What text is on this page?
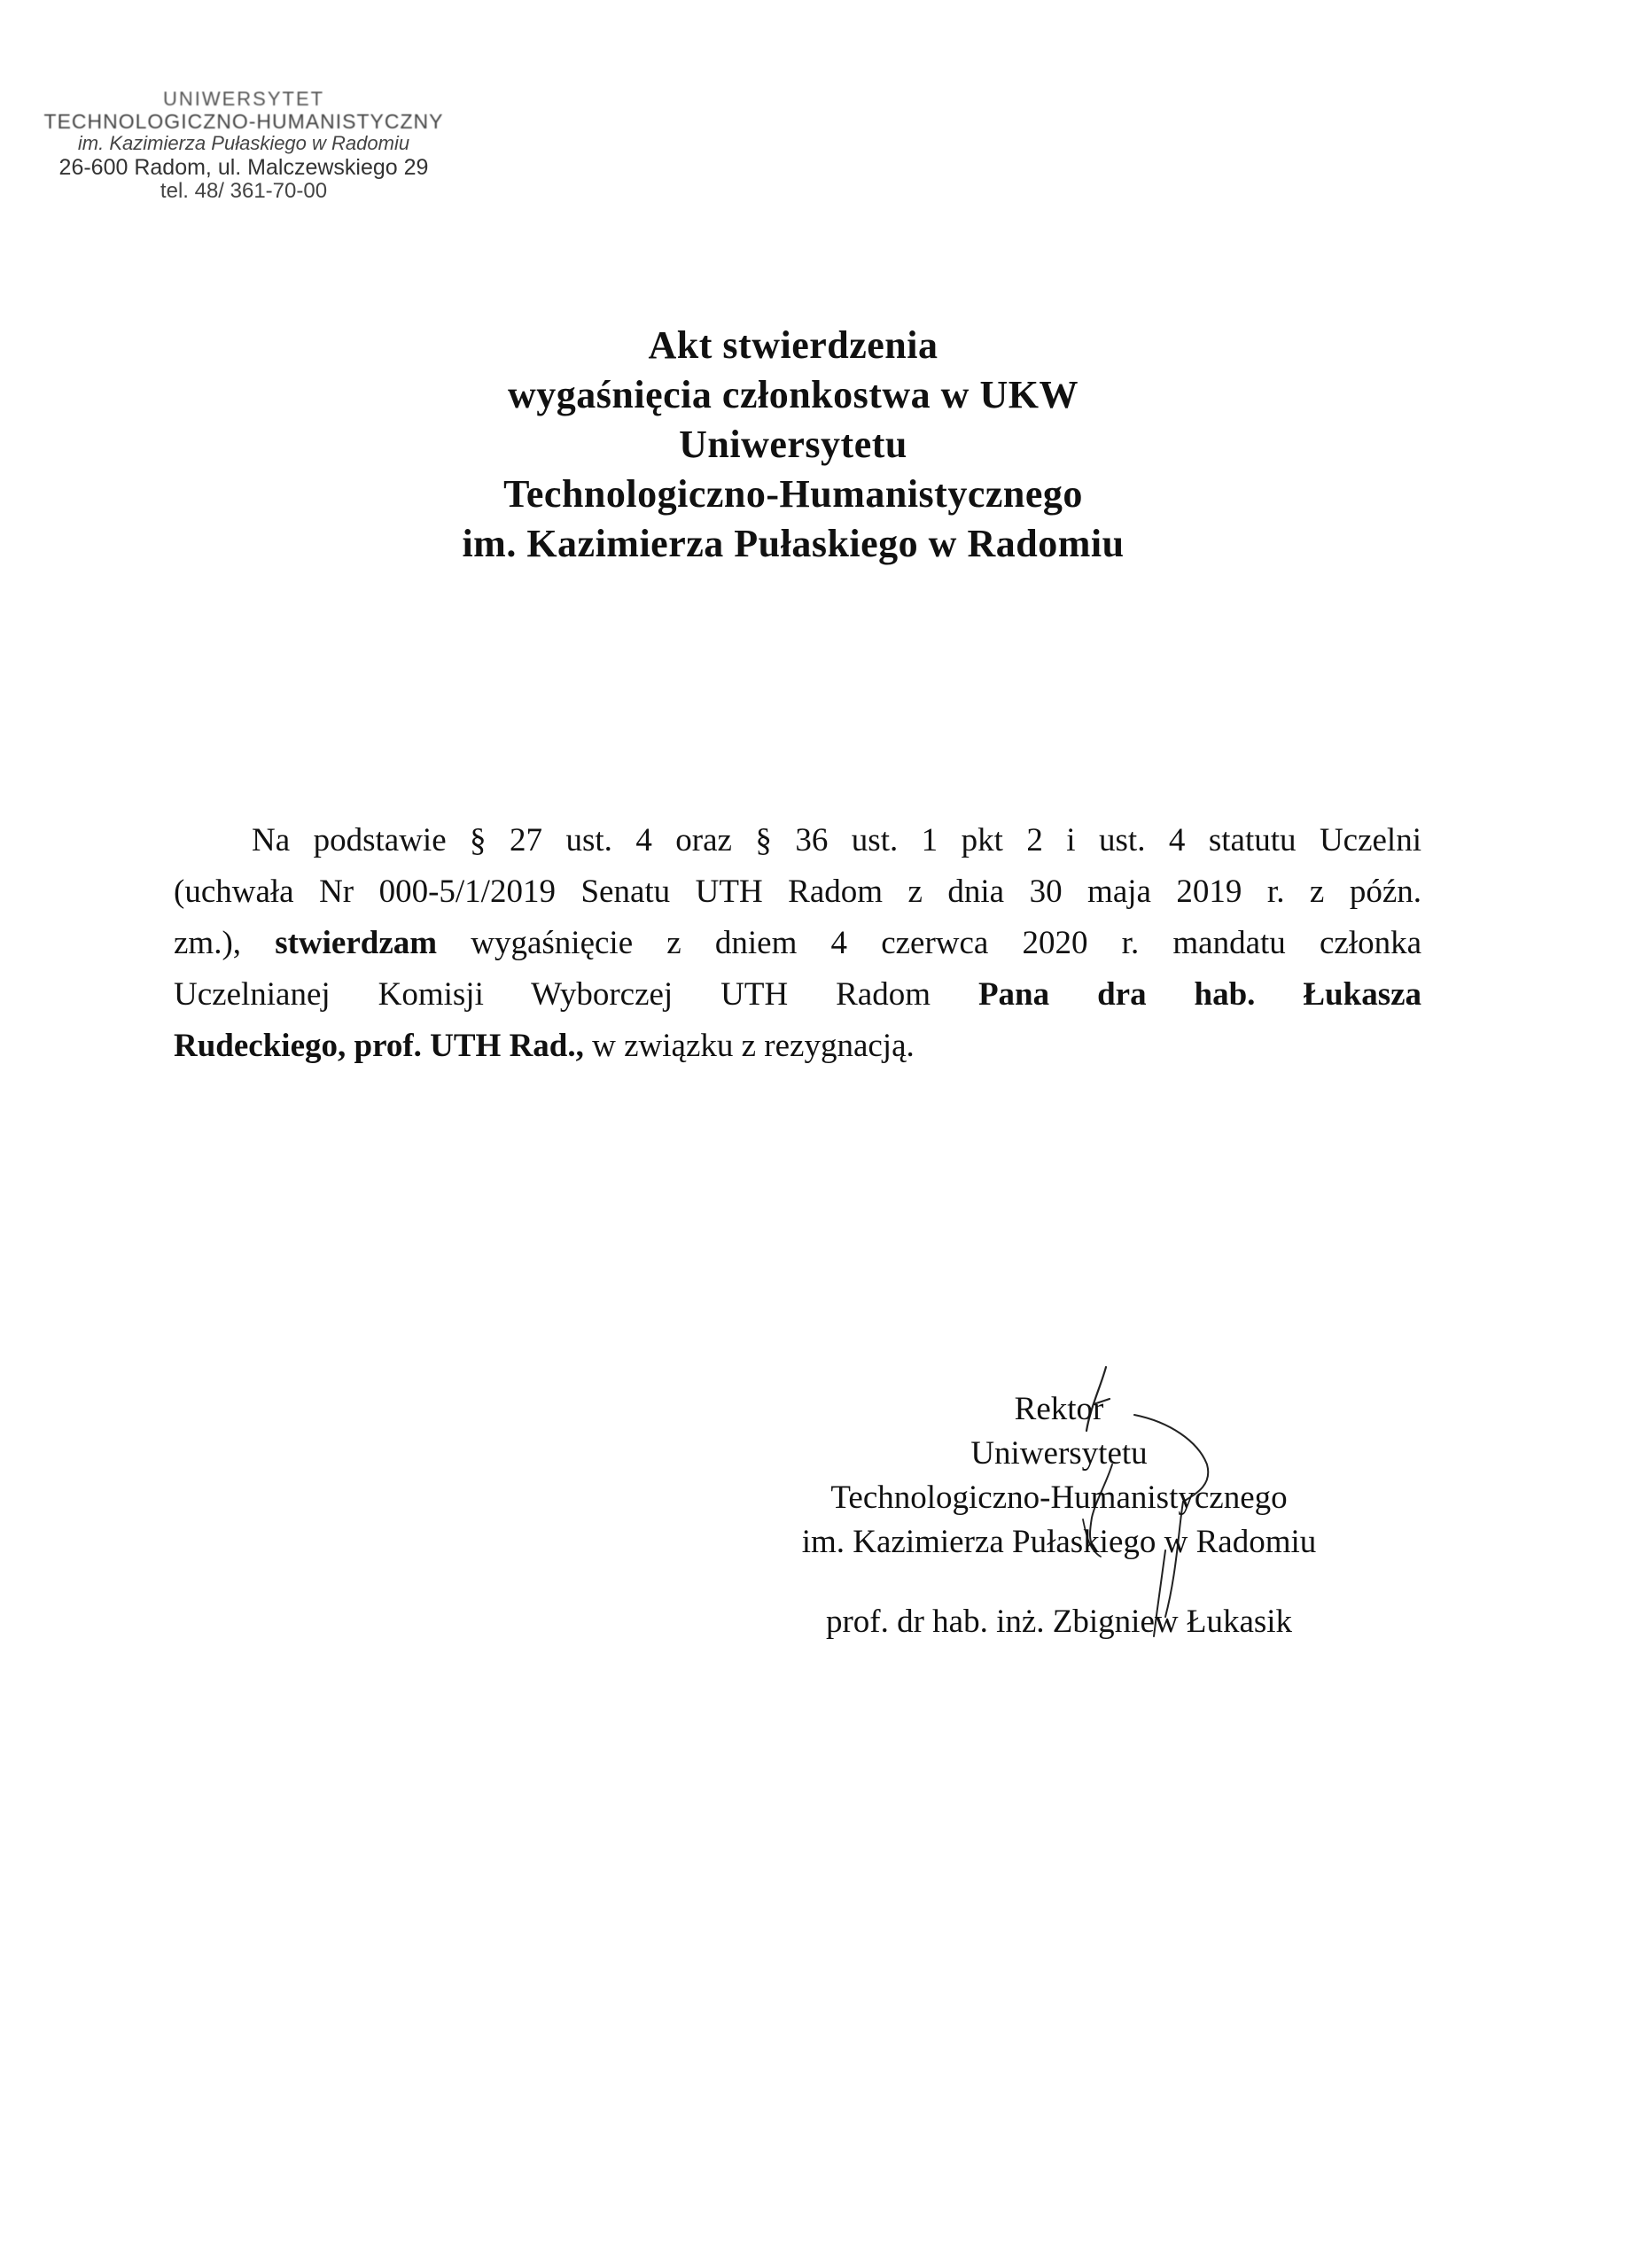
UNIWERSYTET
TECHNOLOGICZNO-HUMANISTYCZNY
im. Kazimierza Pułaskiego w Radomiu
26-600 Radom, ul. Malczewskiego 29
tel. 48/ 361-70-00
Akt stwierdzenia
wygaśnięcia członkostwa w UKW
Uniwersytetu
Technologiczno-Humanistycznego
im. Kazimierza Pułaskiego w Radomiu
Na podstawie § 27 ust. 4 oraz § 36 ust. 1 pkt 2 i ust. 4 statutu Uczelni
(uchwała Nr 000-5/1/2019 Senatu UTH Radom z dnia 30 maja 2019 r. z późn.
zm.), stwierdzam wygaśnięcie z dniem 4 czerwca 2020 r. mandatu członka
Uczelnianej Komisji Wyborczej UTH Radom Pana dra hab. Łukasza
Rudeckiego, prof. UTH Rad., w związku z rezygnacją.
Rektor
Uniwersytetu
Technologiczno-Humanistycznego
im. Kazimierza Pułaskiego w Radomiu
prof. dr hab. inż. Zbigniew Łukasik
